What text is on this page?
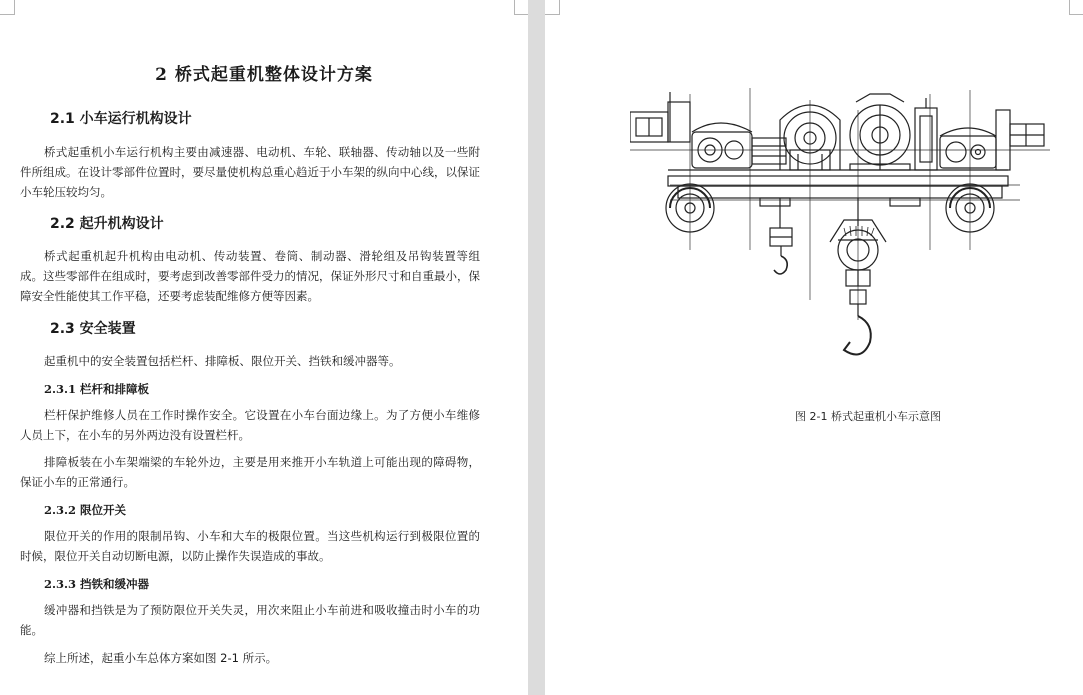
2 桥式起重机整体设计方案
2.1 小车运行机构设计
桥式起重机小车运行机构主要由减速器、电动机、车轮、联轴器、传动轴以及一些附件所组成。在设计零部件位置时，要尽量使机构总重心趋近于小车架的纵向中心线，以保证小车轮压较均匀。
2.2 起升机构设计
桥式起重机起升机构由电动机、传动装置、卷筒、制动器、滑轮组及吊钩装置等组成。这些零部件在组成时，要考虑到改善零部件受力的情况，保证外形尺寸和自重最小，保障安全性能使其工作平稳，还要考虑装配维修方便等因素。
2.3 安全装置
起重机中的安全装置包括栏杆、排障板、限位开关、挡铁和缓冲器等。
2.3.1 栏杆和排障板
栏杆保护维修人员在工作时操作安全。它设置在小车台面边缘上。为了方便小车维修人员上下，在小车的另外两边没有设置栏杆。
排障板装在小车架端梁的车轮外边，主要是用来推开小车轨道上可能出现的障碍物，保证小车的正常通行。
2.3.2 限位开关
限位开关的作用的限制吊钩、小车和大车的极限位置。当这些机构运行到极限位置的时候，限位开关自动切断电源，以防止操作失误造成的事故。
2.3.3 挡铁和缓冲器
缓冲器和挡铁是为了预防限位开关失灵，用次来阻止小车前进和吸收撞击时小车的功能。
综上所述，起重小车总体方案如图 2-1 所示。
图 2-1 桥式起重机小车示意图
